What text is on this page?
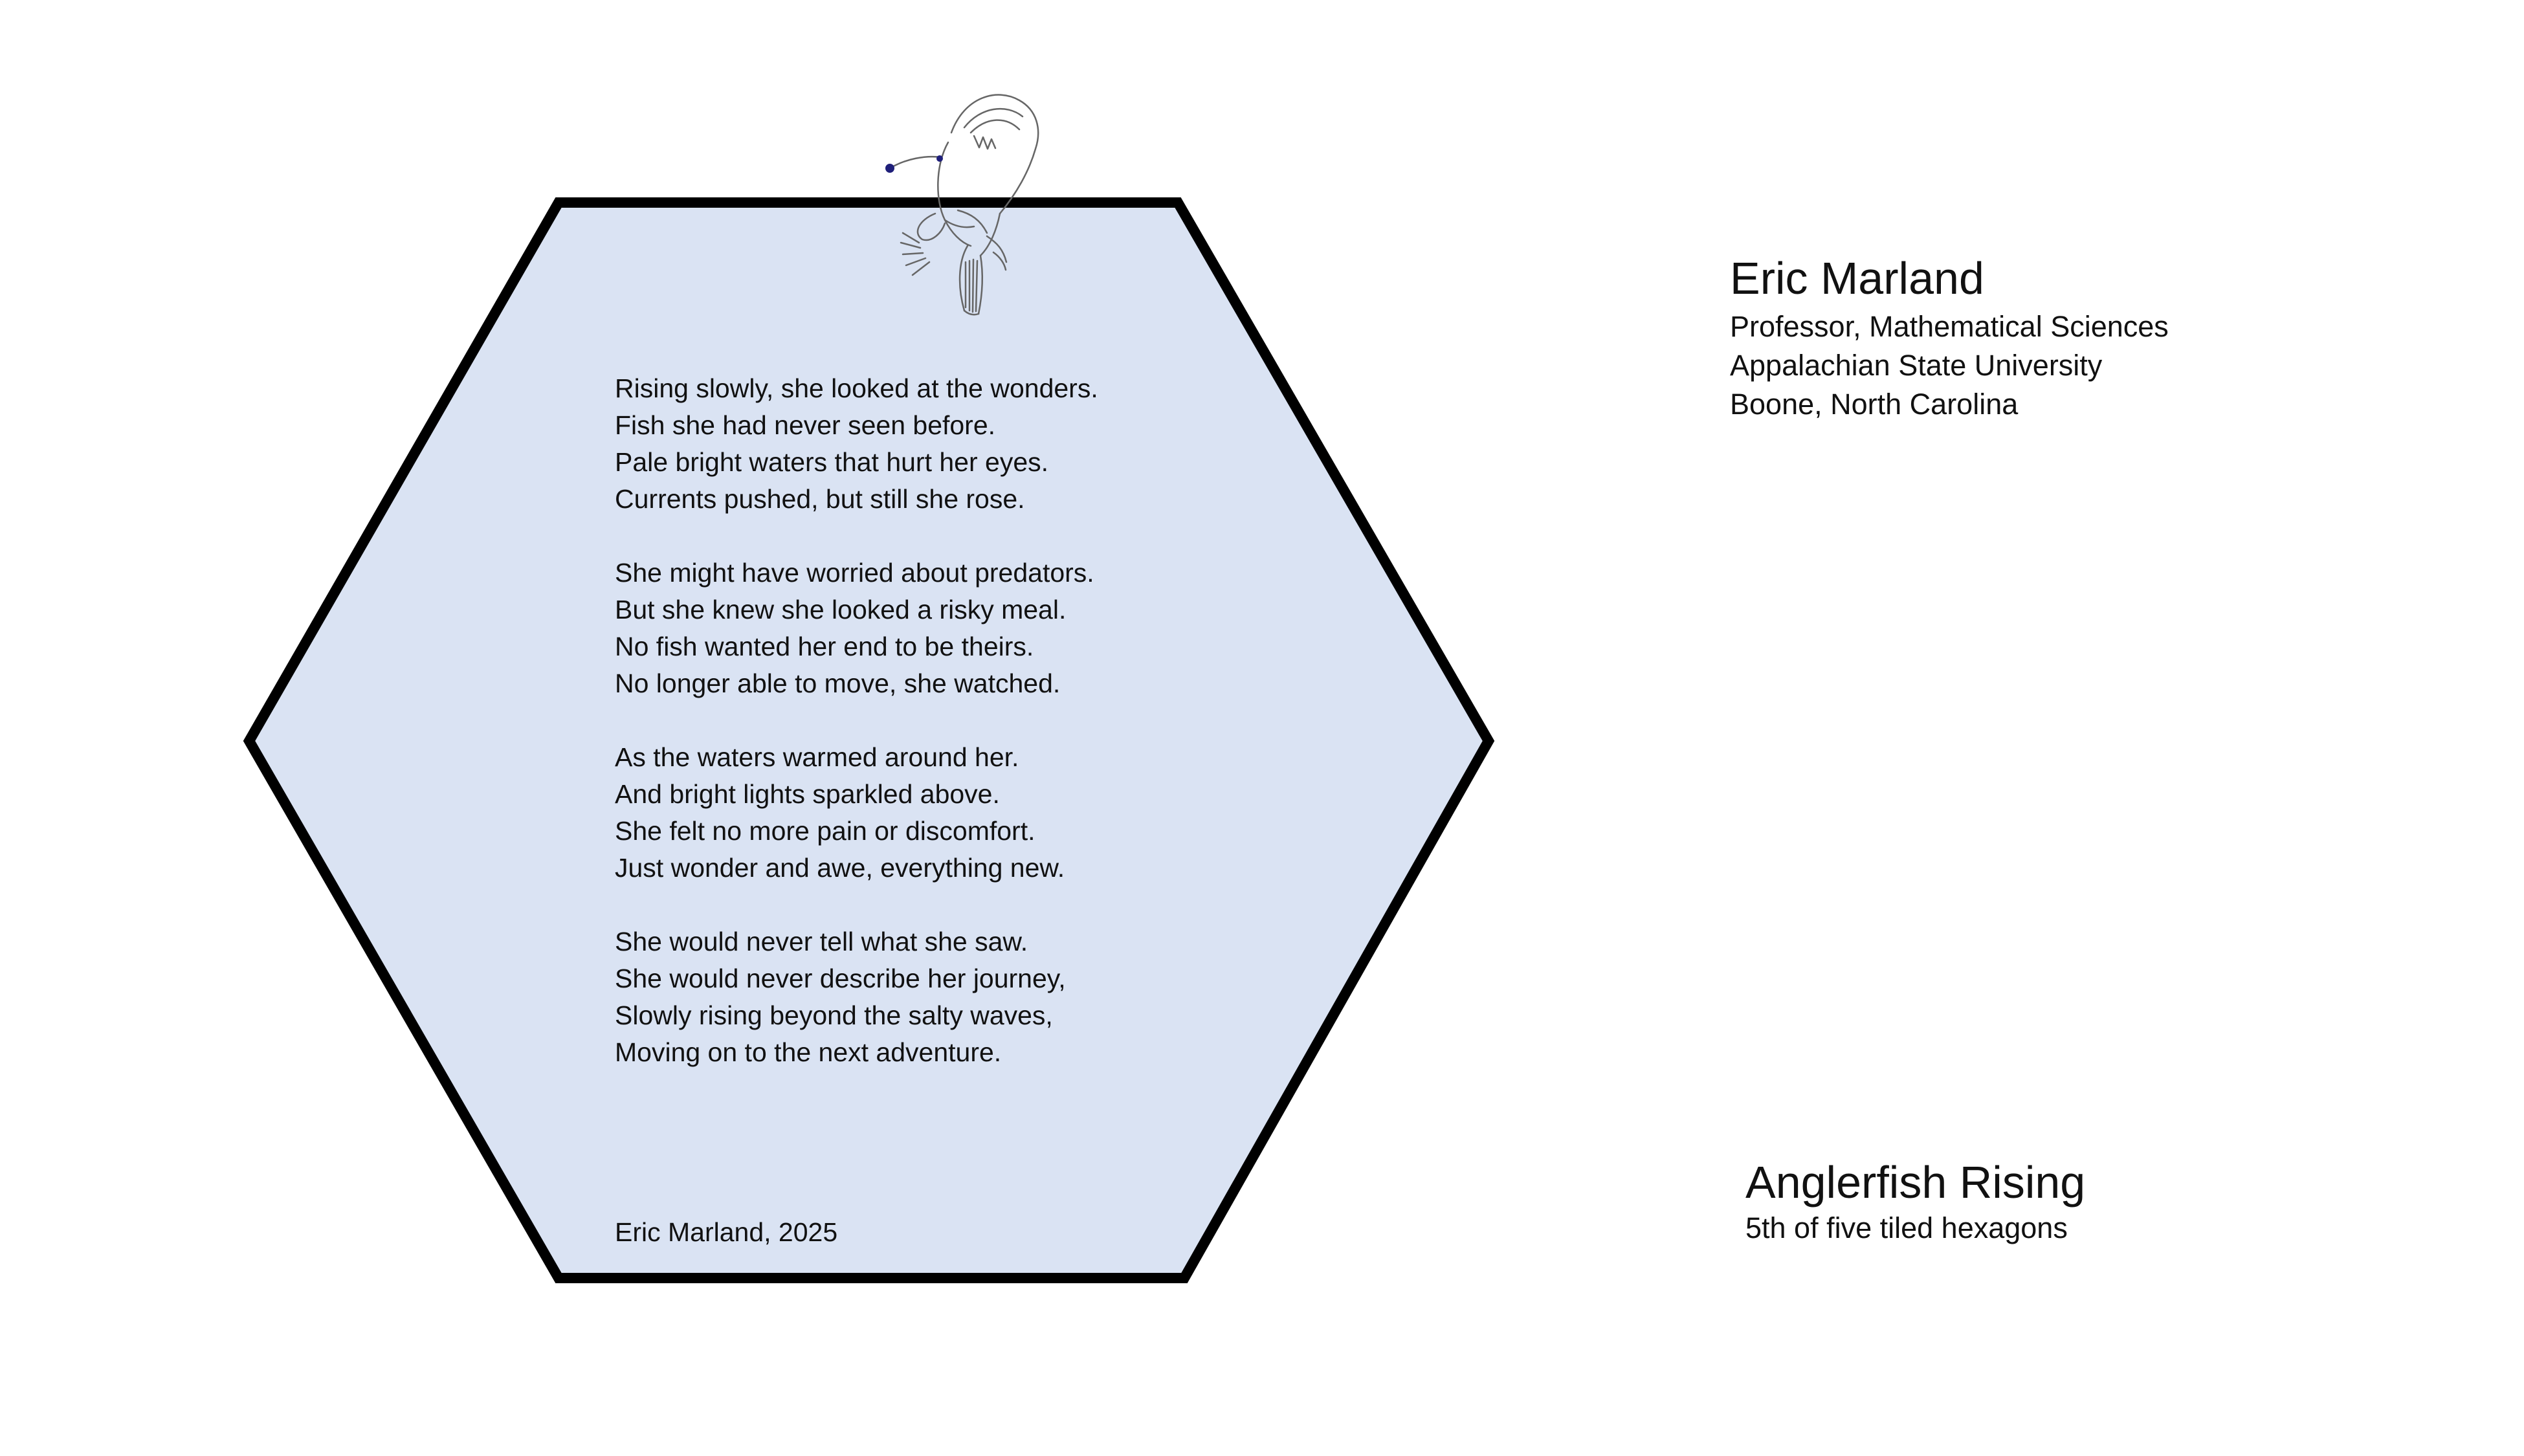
Rising slowly, she looked at the wonders.
Fish she had never seen before.
Pale bright waters that hurt her eyes.
Currents pushed, but still she rose.
She might have worried about predators.
But she knew she looked a risky meal.
No fish wanted her end to be theirs.
No longer able to move, she watched.
As the waters warmed around her.
And bright lights sparkled above.
She felt no more pain or discomfort.
Just wonder and awe, everything new.
She would never tell what she saw.
She would never describe her journey,
Slowly rising beyond the salty waves,
Moving on to the next adventure.
Eric Marland, 2025
Eric Marland
Professor, Mathematical Sciences
Appalachian State University
Boone, North Carolina
Anglerfish Rising
5th of five tiled hexagons
